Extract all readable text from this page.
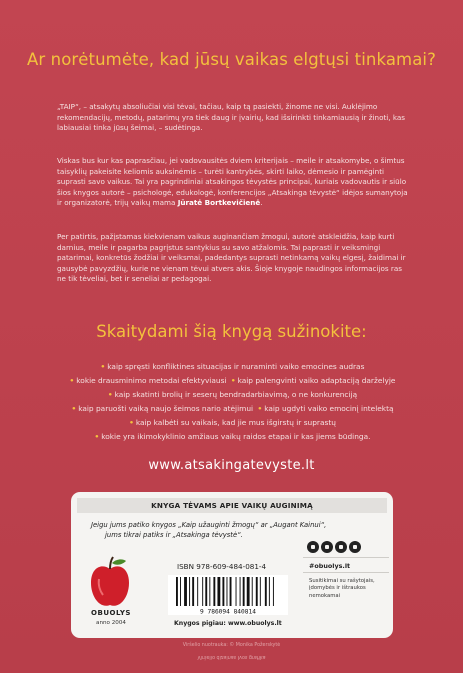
Ar norėtumėte, kad jūsų vaikas elgtųsi tinkamai?
„TAIP“, – atsakytų absoliučiai visi tėvai, tačiau, kaip tą pasiekti, žinome ne visi. Auklėjimo rekomendacijų, metodų, patarimų yra tiek daug ir įvairių, kad išsirinkti tinkamiausią ir žinoti, kas labiausiai tinka jūsų šeimai, – sudėtinga.
Viskas bus kur kas paprasčiau, jei vadovausitės dviem kriterijais – meile ir atsakomybe, o šimtus taisyklių pakeisite keliomis auksinėmis – turėti kantrybės, skirti laiko, dėmesio ir pamėginti suprasti savo vaikus. Tai yra pagrindiniai atsakingos tėvystės principai, kuriais vadovautis ir siūlo šios knygos autorė – psichologė, edukologė, konferencijos „Atsakinga tėvystė“ idėjos sumanytoja ir organizatorė, trijų vaikų mama Jūratė Bortkevičienė.
Per patirtis, pažįstamas kiekvienam vaikus auginančiam žmogui, autorė atskleidžia, kaip kurti darnius, meile ir pagarba pagrįstus santykius su savo atžalomis. Tai paprasti ir veiksmingi patarimai, konkretūs žodžiai ir veiksmai, padedantys suprasti netinkamą vaikų elgesį, žaidimai ir gausybė pavyzdžių, kurie ne vienam tėvui atvers akis. Šioje knygoje naudingos informacijos ras ne tik tėveliai, bet ir seneliai ar pedagogai.
Skaitydami šią knygą sužinokite:
• kaip spręsti konfliktines situacijas ir nuraminti vaiko emocines audras
• kokie drausminimo metodai efektyviausi • kaip palengvinti vaiko adaptaciją darželyje
• kaip skatinti brolių ir seserų bendradarbiavimą, o ne konkurenciją
• kaip paruošti vaiką naujo šeimos nario atėjimui • kaip ugdyti vaiko emocinį intelektą
• kaip kalbėti su vaikais, kad jie mus išgirstų ir suprastų
• kokie yra ikimokyklinio amžiaus vaikų raidos etapai ir kas jiems būdinga.
www.atsakingatevyste.lt
KNYGA TĖVAMS APIE VAIKŲ AUGINIMĄ
Jeigu jums patiko knygos „Kaip užauginti žmogų“ ar „Augant Kainui“,
jums tikrai patiks ir „Atsakinga tėvystė“.
OBUOLYS
anno 2004
ISBN 978-609-484-081-4
9 786094 840814
Knygos pigiau: www.obuolys.lt
#obuolys.lt
Susitikimai su rašytojais, įdomybės ir ištraukos nemokamai
Viršelio nuotrauka: © Monika Požerskytė
Viršelio dizainas Ivos grafika
